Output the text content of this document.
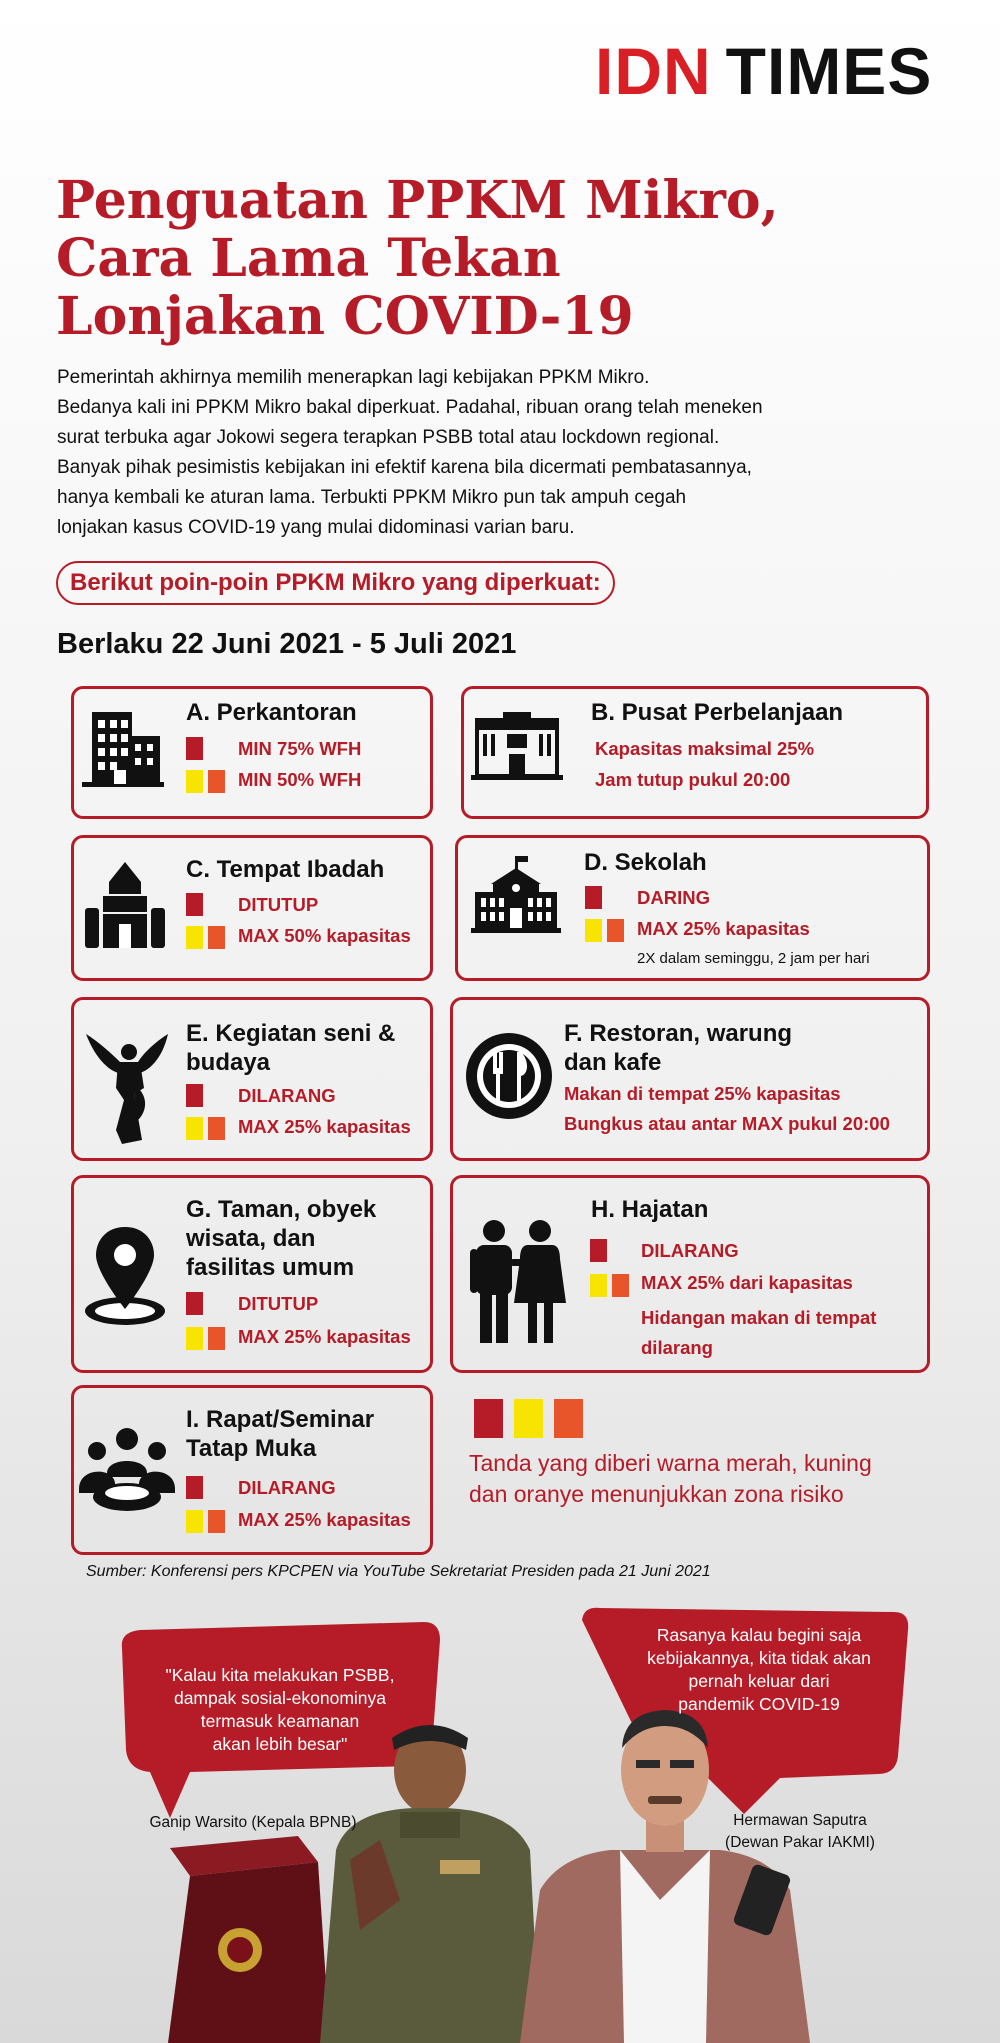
IDN TIMES
Penguatan PPKM Mikro,
Cara Lama Tekan
Lonjakan COVID-19
Pemerintah akhirnya memilih menerapkan lagi kebijakan PPKM Mikro.
Bedanya kali ini PPKM Mikro bakal diperkuat. Padahal, ribuan orang telah meneken
surat terbuka agar Jokowi segera terapkan PSBB total atau lockdown regional.
Banyak pihak pesimistis kebijakan ini efektif karena bila dicermati pembatasannya,
hanya kembali ke aturan lama. Terbukti PPKM Mikro pun tak ampuh cegah
lonjakan kasus COVID-19 yang mulai didominasi varian baru.
Berikut poin-poin PPKM Mikro yang diperkuat:
Berlaku 22 Juni 2021 - 5 Juli 2021
A. Perkantoran
MIN 75% WFH
MIN 50% WFH
B. Pusat Perbelanjaan
Kapasitas maksimal 25%
Jam tutup pukul 20:00
C. Tempat Ibadah
DITUTUP
MAX 50% kapasitas
D. Sekolah
DARING
MAX 25% kapasitas
2X dalam seminggu, 2 jam per hari
E. Kegiatan seni &
budaya
DILARANG
MAX 25% kapasitas
F. Restoran, warung
dan kafe
Makan di tempat 25% kapasitas
Bungkus atau antar MAX pukul 20:00
G. Taman, obyek
wisata, dan
fasilitas umum
DITUTUP
MAX 25% kapasitas
H. Hajatan
DILARANG
MAX 25% dari kapasitas
Hidangan makan di tempat
dilarang
I. Rapat/Seminar
Tatap Muka
DILARANG
MAX 25% kapasitas
Tanda yang diberi warna merah, kuning
dan oranye menunjukkan zona risiko
Sumber: Konferensi pers KPCPEN via YouTube Sekretariat Presiden pada 21 Juni 2021
"Kalau kita melakukan PSBB,
dampak sosial-ekonominya
termasuk keamanan
akan lebih besar"
Rasanya kalau begini saja
kebijakannya, kita tidak akan
pernah keluar dari
pandemik COVID-19
Ganip Warsito (Kepala BPNB)	Hermawan Saputra
(Dewan Pakar IAKMI)
